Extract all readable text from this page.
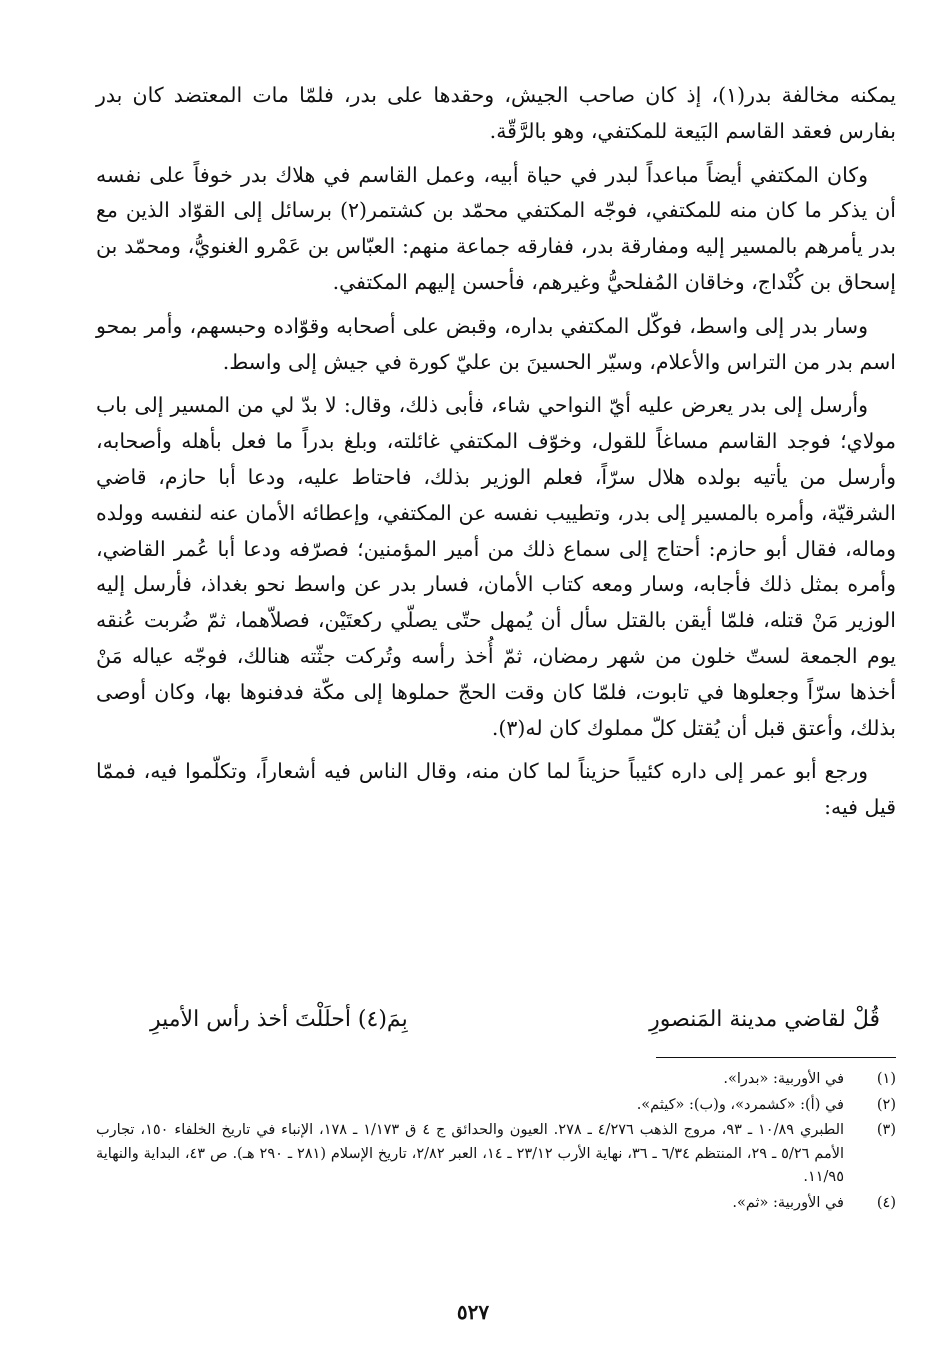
يمكنه مخالفة بدر(١)، إذ كان صاحب الجيش، وحقدها على بدر، فلمّا مات المعتضد كان بدر بفارس فعقد القاسم البَيعة للمكتفي، وهو بالرَّقّة.

وكان المكتفي أيضاً مباعداً لبدر في حياة أبيه، وعمل القاسم في هلاك بدر خوفاً على نفسه أن يذكر ما كان منه للمكتفي، فوجّه المكتفي محمّد بن كشتمر(٢) برسائل إلى القوّاد الذين مع بدر يأمرهم بالمسير إليه ومفارقة بدر، ففارقه جماعة منهم: العبّاس بن عَمْرو الغنويُّ، ومحمّد بن إسحاق بن كُنْداج، وخاقان المُفلحيُّ وغيرهم، فأحسن إليهم المكتفي.

وسار بدر إلى واسط، فوكّل المكتفي بداره، وقبض على أصحابه وقوّاده وحبسهم، وأمر بمحو اسم بدر من التراس والأعلام، وسيّر الحسينَ بن عليّ كورة في جيش إلى واسط.

وأرسل إلى بدر يعرض عليه أيّ النواحي شاء، فأبى ذلك، وقال: لا بدّ لي من المسير إلى باب مولاي؛ فوجد القاسم مساغاً للقول، وخوّف المكتفي غائلته، وبلغ بدراً ما فعل بأهله وأصحابه، وأرسل من يأتيه بولده هلال سرّاً، فعلم الوزير بذلك، فاحتاط عليه، ودعا أبا حازم، قاضي الشرقيّة، وأمره بالمسير إلى بدر، وتطييب نفسه عن المكتفي، وإعطائه الأمان عنه لنفسه وولده وماله، فقال أبو حازم: أحتاج إلى سماع ذلك من أمير المؤمنين؛ فصرّفه ودعا أبا عُمر القاضي، وأمره بمثل ذلك فأجابه، وسار ومعه كتاب الأمان، فسار بدر عن واسط نحو بغداذ، فأرسل إليه الوزير مَنْ قتله، فلمّا أيقن بالقتل سأل أن يُمهل حتّى يصلّي ركعتَيْن، فصلاّهما، ثمّ ضُربت عُنقه يوم الجمعة لستّ خلون من شهر رمضان، ثمّ أُخذ رأسه وتُركت جثّته هنالك، فوجّه عياله مَنْ أخذها سرّاً وجعلوها في تابوت، فلمّا كان وقت الحجّ حملوها إلى مكّة فدفنوها بها، وكان أوصى بذلك، وأعتق قبل أن يُقتل كلّ مملوك كان له(٣).

ورجع أبو عمر إلى داره كئيباً حزيناً لما كان منه، وقال الناس فيه أشعاراً، وتكلّموا فيه، فممّا قيل فيه:

قُلْ لقاضي مدينة المَنصورِ
بِمَ(٤) أحلَلْتَ أخذ رأس الأميرِ
(١)
في الأوربية: «بدرا».
(٢)
في (أ): «كشمرد»، و(ب): «كيثم».
(٣)
الطبري ١٠/٨٩ ـ ٩٣، مروج الذهب ٤/٢٧٦ ـ ٢٧٨. العيون والحدائق ج ٤ ق ١/١٧٣ ـ ١٧٨، الإنباء في تاريخ الخلفاء ١٥٠، تجارب الأمم ٥/٢٦ ـ ٢٩، المنتظم ٦/٣٤ ـ ٣٦، نهاية الأرب ٢٣/١٢ ـ ١٤، العبر ٢/٨٢، تاريخ الإسلام (٢٨١ ـ ٢٩٠ هـ). ص ٤٣، البداية والنهاية ١١/٩٥.
(٤)
في الأوربية: «ثم».
٥٢٧
